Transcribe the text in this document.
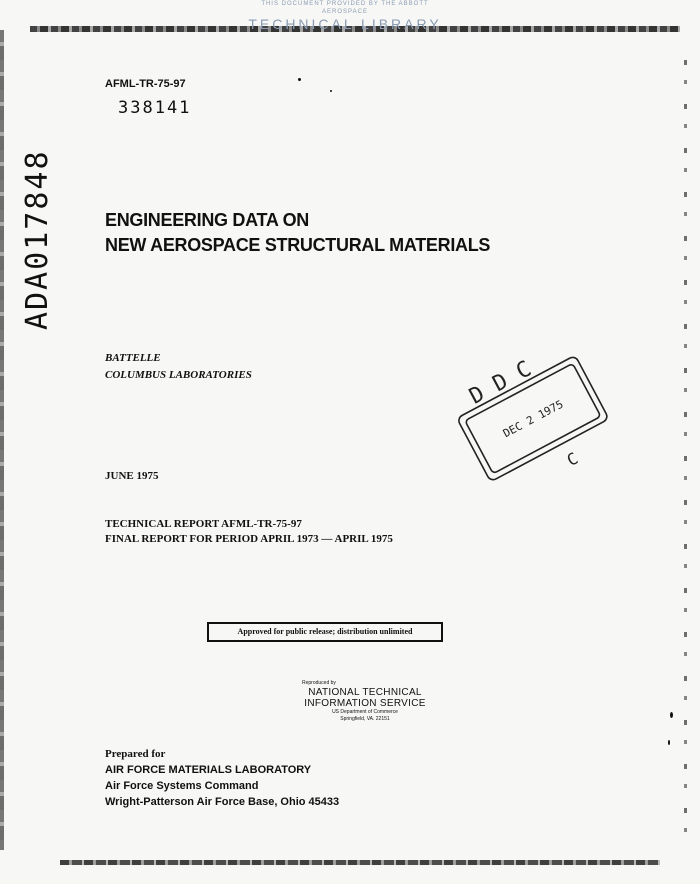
THIS DOCUMENT PROVIDED BY THE ABBOTT AEROSPACE
TECHNICAL LIBRARY
AFML-TR-75-97
338141
ADA017848	ENGINEERING DATA ON
NEW AEROSPACE STRUCTURAL MATERIALS
BATTELLE
COLUMBUS LABORATORIES	D D C
DEC 2 1975
C
JUNE 1975
TECHNICAL REPORT AFML-TR-75-97
FINAL REPORT FOR PERIOD APRIL 1973 — APRIL 1975
Approved for public release; distribution unlimited
Reproduced by
NATIONAL TECHNICAL
INFORMATION SERVICE
US Department of Commerce
Springfield, VA. 22151
Prepared for
AIR FORCE MATERIALS LABORATORY
Air Force Systems Command
Wright-Patterson Air Force Base, Ohio 45433
